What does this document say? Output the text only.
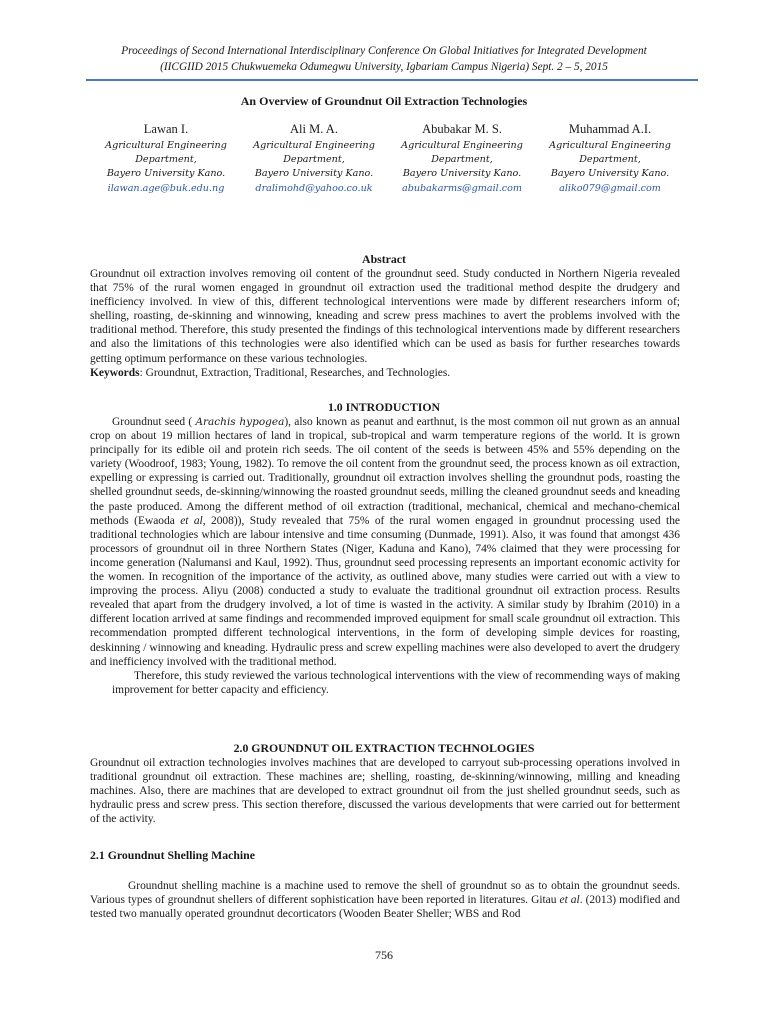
Proceedings of Second International Interdisciplinary Conference On Global Initiatives for Integrated Development
(IICGIID 2015 Chukwuemeka Odumegwu University, Igbariam Campus Nigeria) Sept. 2 – 5, 2015
An Overview of Groundnut Oil Extraction Technologies
Lawan I.
Agricultural Engineering
Department,
Bayero University Kano.
ilawan.age@buk.edu.ng
Ali M. A.
Agricultural Engineering
Department,
Bayero University Kano.
dralimohd@yahoo.co.uk
Abubakar M. S.
Agricultural Engineering
Department,
Bayero University Kano.
abubakarms@gmail.com
Muhammad A.I.
Agricultural Engineering
Department,
Bayero University Kano.
aliko079@gmail.com
Abstract

Groundnut oil extraction involves removing oil content of the groundnut seed. Study conducted in Northern Nigeria revealed that 75% of the rural women engaged in groundnut oil extraction used the traditional method despite the drudgery and inefficiency involved. In view of this, different technological interventions were made by different researchers inform of; shelling, roasting, de-skinning and winnowing, kneading and screw press machines to avert the problems involved with the traditional method. Therefore, this study presented the findings of this technological interventions made by different researchers and also the limitations of this technologies were also identified which can be used as basis for further researches towards getting optimum performance on these various technologies.

Keywords: Groundnut, Extraction, Traditional, Researches, and Technologies.

1.0 INTRODUCTION

Groundnut seed ( Arachis hypogea), also known as peanut and earthnut, is the most common oil nut grown as an annual crop on about 19 million hectares of land in tropical, sub-tropical and warm temperature regions of the world. It is grown principally for its edible oil and protein rich seeds. The oil content of the seeds is between 45% and 55% depending on the variety (Woodroof, 1983; Young, 1982). To remove the oil content from the groundnut seed, the process known as oil extraction, expelling or expressing is carried out. Traditionally, groundnut oil extraction involves shelling the groundnut pods, roasting the shelled groundnut seeds, de-skinning/winnowing the roasted groundnut seeds, milling the cleaned groundnut seeds and kneading the paste produced. Among the different method of oil extraction (traditional, mechanical, chemical and mechano-chemical methods (Ewaoda et al, 2008)), Study revealed that 75% of the rural women engaged in groundnut processing used the traditional technologies which are labour intensive and time consuming (Dunmade, 1991). Also, it was found that amongst 436 processors of groundnut oil in three Northern States (Niger, Kaduna and Kano), 74% claimed that they were processing for income generation (Nalumansi and Kaul, 1992). Thus, groundnut seed processing represents an important economic activity for the women. In recognition of the importance of the activity, as outlined above, many studies were carried out with a view to improving the process. Aliyu (2008) conducted a study to evaluate the traditional groundnut oil extraction process. Results revealed that apart from the drudgery involved, a lot of time is wasted in the activity. A similar study by Ibrahim (2010) in a different location arrived at same findings and recommended improved equipment for small scale groundnut oil extraction. This recommendation prompted different technological interventions, in the form of developing simple devices for roasting, deskinning / winnowing and kneading. Hydraulic press and screw expelling machines were also developed to avert the drudgery and inefficiency involved with the traditional method.

Therefore, this study reviewed the various technological interventions with the view of recommending ways of making improvement for better capacity and efficiency.

2.0 GROUNDNUT OIL EXTRACTION TECHNOLOGIES

Groundnut oil extraction technologies involves machines that are developed to carryout sub-processing operations involved in traditional groundnut oil extraction. These machines are; shelling, roasting, de-skinning/winnowing, milling and kneading machines. Also, there are machines that are developed to extract groundnut oil from the just shelled groundnut seeds, such as hydraulic press and screw press. This section therefore, discussed the various developments that were carried out for betterment of the activity.

2.1 Groundnut Shelling Machine

Groundnut shelling machine is a machine used to remove the shell of groundnut so as to obtain the groundnut seeds. Various types of groundnut shellers of different sophistication have been reported in literatures. Gitau et al. (2013) modified and tested two manually operated groundnut decorticators (Wooden Beater Sheller; WBS and Rod

756
